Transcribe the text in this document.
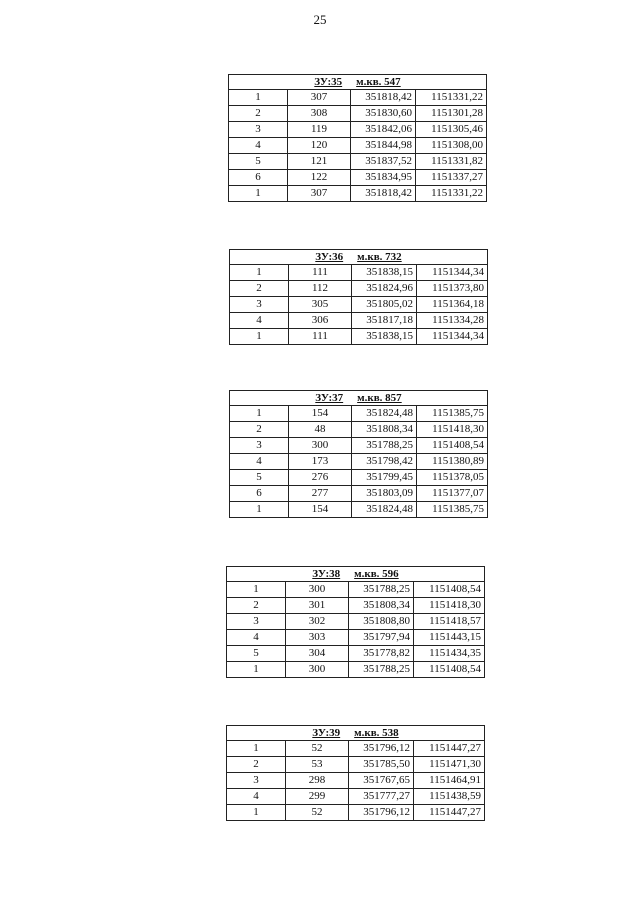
25
ЗУ:35 м.кв. 547			
1	307	351818,42	1151331,22
2	308	351830,60	1151301,28
3	119	351842,06	1151305,46
4	120	351844,98	1151308,00
5	121	351837,52	1151331,82
6	122	351834,95	1151337,27
1	307	351818,42	1151331,22
ЗУ:36 м.кв. 732			
1	111	351838,15	1151344,34
2	112	351824,96	1151373,80
3	305	351805,02	1151364,18
4	306	351817,18	1151334,28
1	111	351838,15	1151344,34
ЗУ:37 м.кв. 857			
1	154	351824,48	1151385,75
2	48	351808,34	1151418,30
3	300	351788,25	1151408,54
4	173	351798,42	1151380,89
5	276	351799,45	1151378,05
6	277	351803,09	1151377,07
1	154	351824,48	1151385,75
ЗУ:38 м.кв. 596			
1	300	351788,25	1151408,54
2	301	351808,34	1151418,30
3	302	351808,80	1151418,57
4	303	351797,94	1151443,15
5	304	351778,82	1151434,35
1	300	351788,25	1151408,54
ЗУ:39 м.кв. 538			
1	52	351796,12	1151447,27
2	53	351785,50	1151471,30
3	298	351767,65	1151464,91
4	299	351777,27	1151438,59
1	52	351796,12	1151447,27
